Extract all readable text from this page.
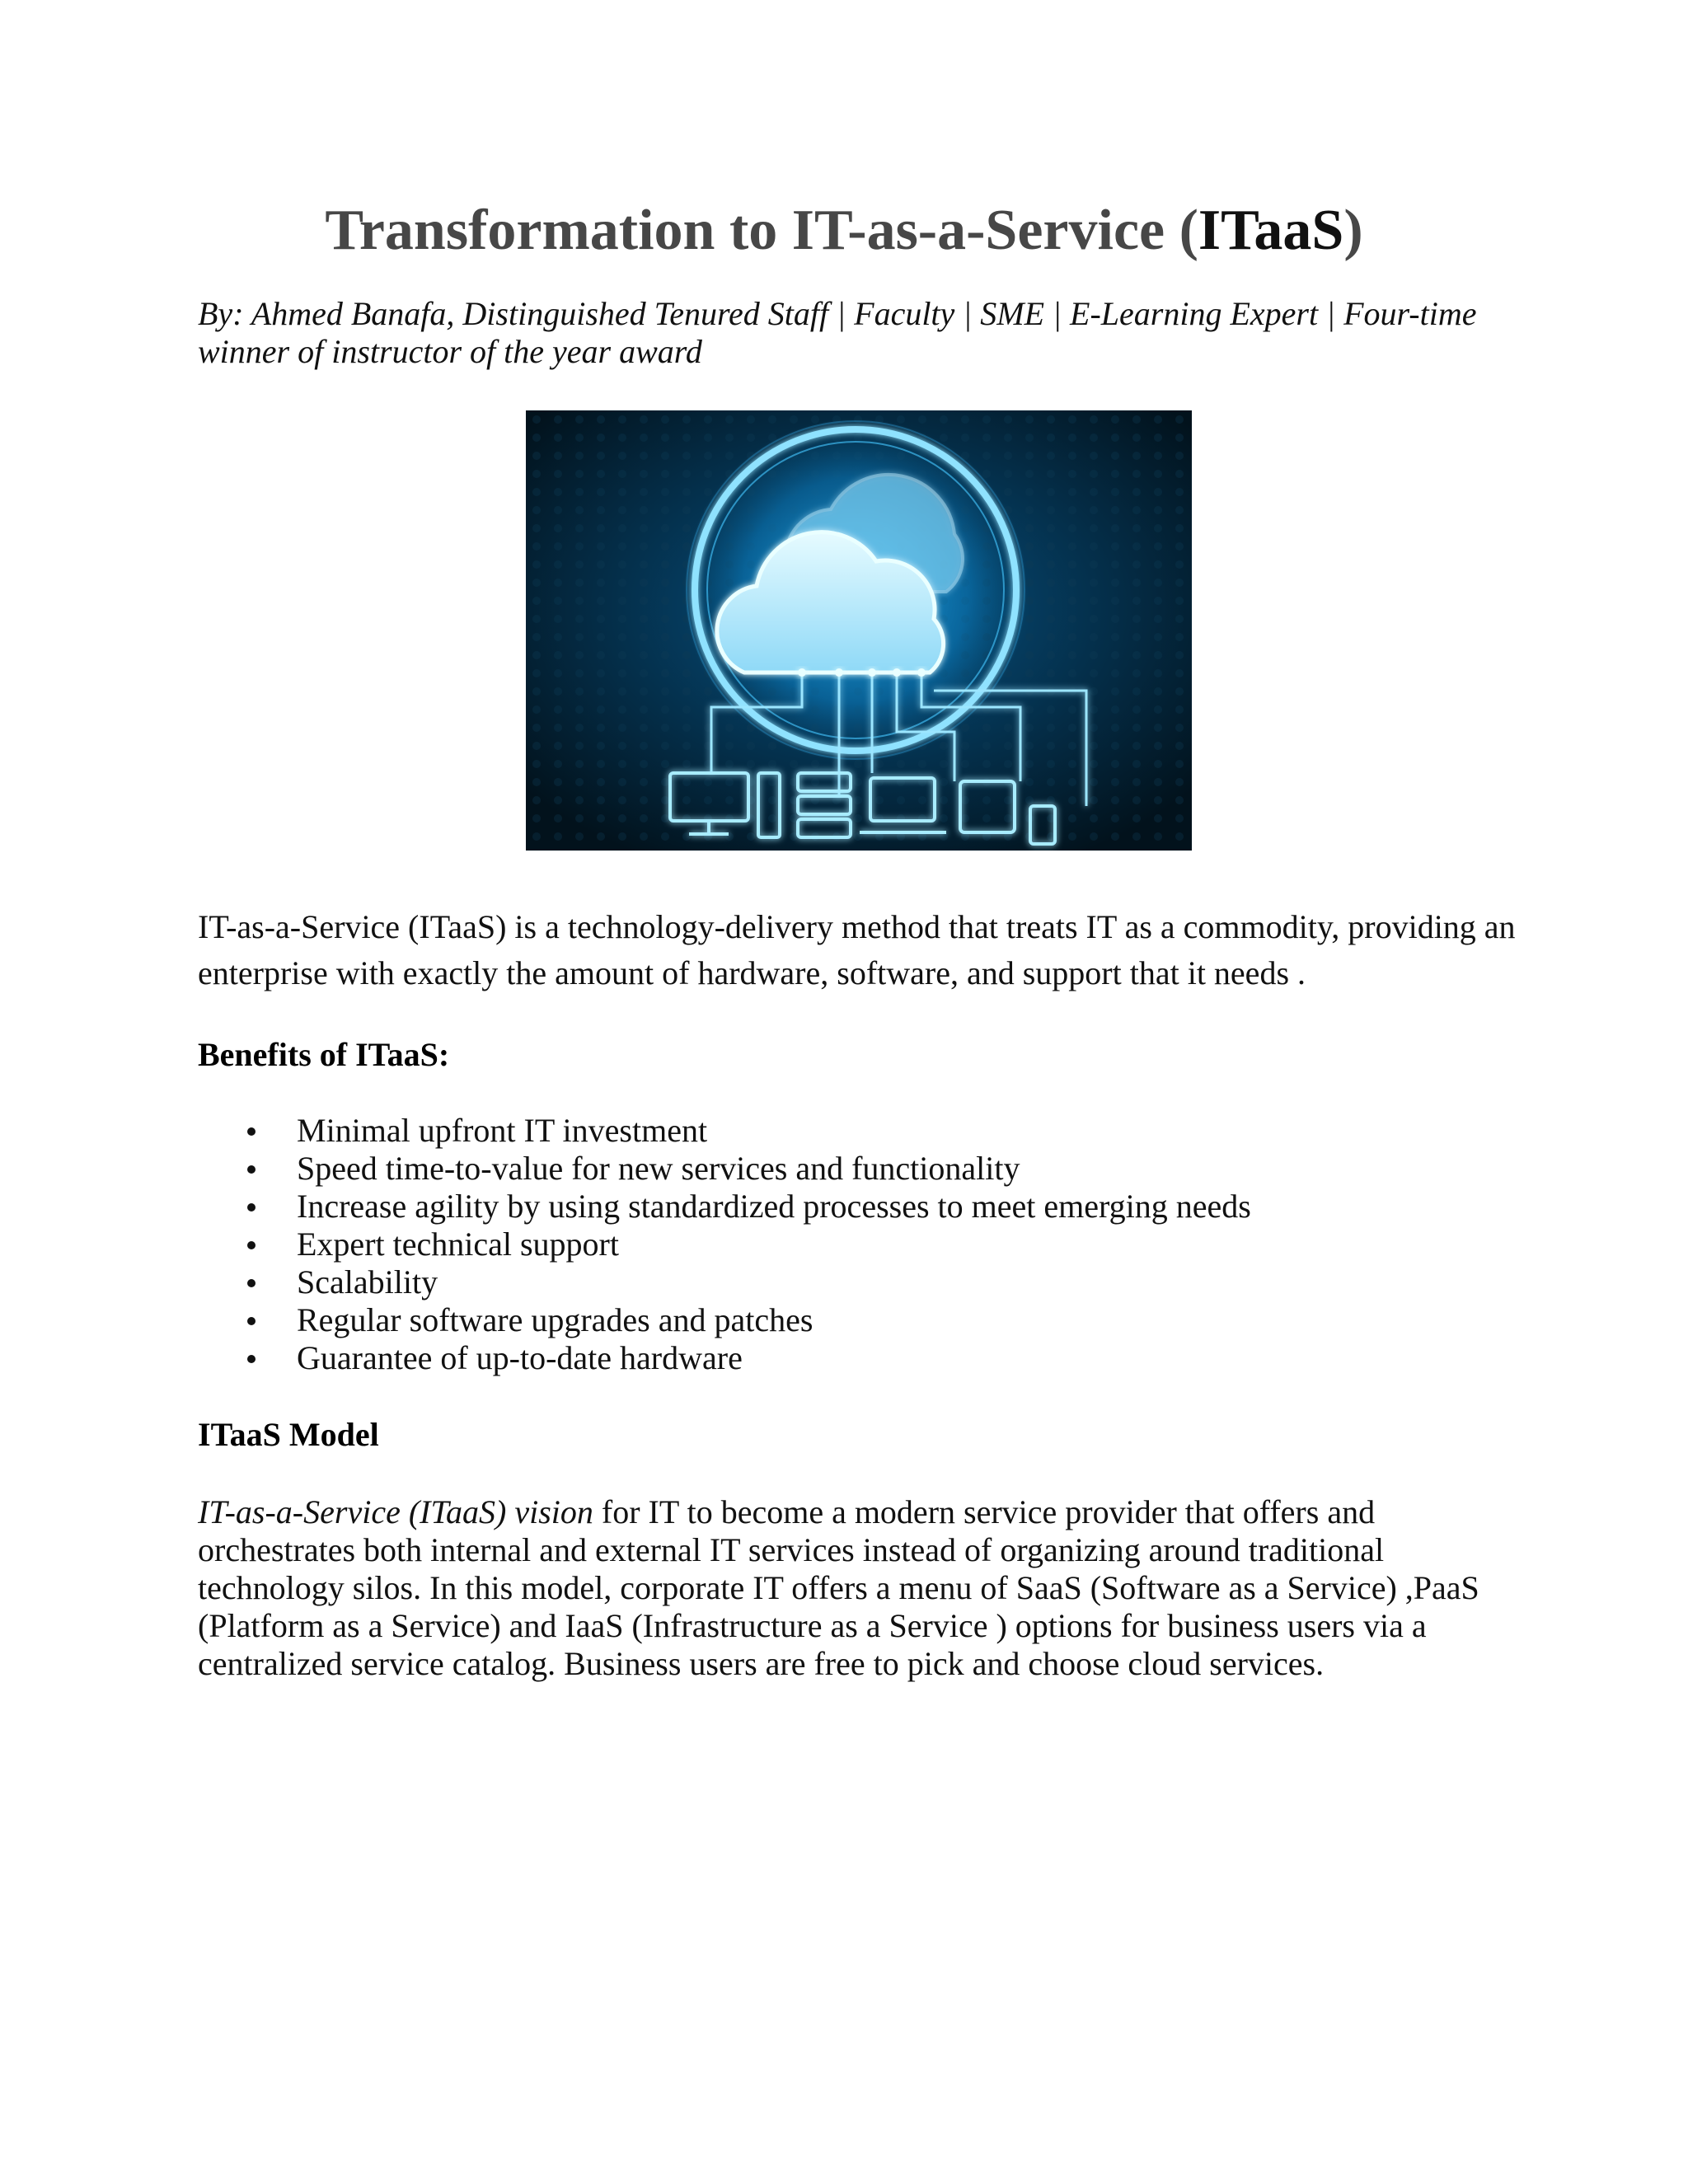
Transformation to IT-as-a-Service (ITaaS)
By: Ahmed Banafa, Distinguished Tenured Staff | Faculty | SME | E-Learning Expert | Four-time winner of instructor of the year award
IT-as-a-Service (ITaaS) is a technology-delivery method that treats IT as a commodity, providing an enterprise with exactly the amount of hardware, software, and support that it needs .
Benefits of ITaaS:
Minimal upfront IT investment
Speed time-to-value for new services and functionality
Increase agility by using standardized processes to meet emerging needs
Expert technical support
Scalability
Regular software upgrades and patches
Guarantee of up-to-date hardware
ITaaS Model
IT-as-a-Service (ITaaS) vision for IT to become a modern service provider that offers and orchestrates both internal and external IT services instead of organizing around traditional technology silos. In this model, corporate IT offers a menu of SaaS (Software as a Service) ,PaaS (Platform as a Service) and IaaS (Infrastructure as a Service ) options for business users via a centralized service catalog. Business users are free to pick and choose cloud services.
